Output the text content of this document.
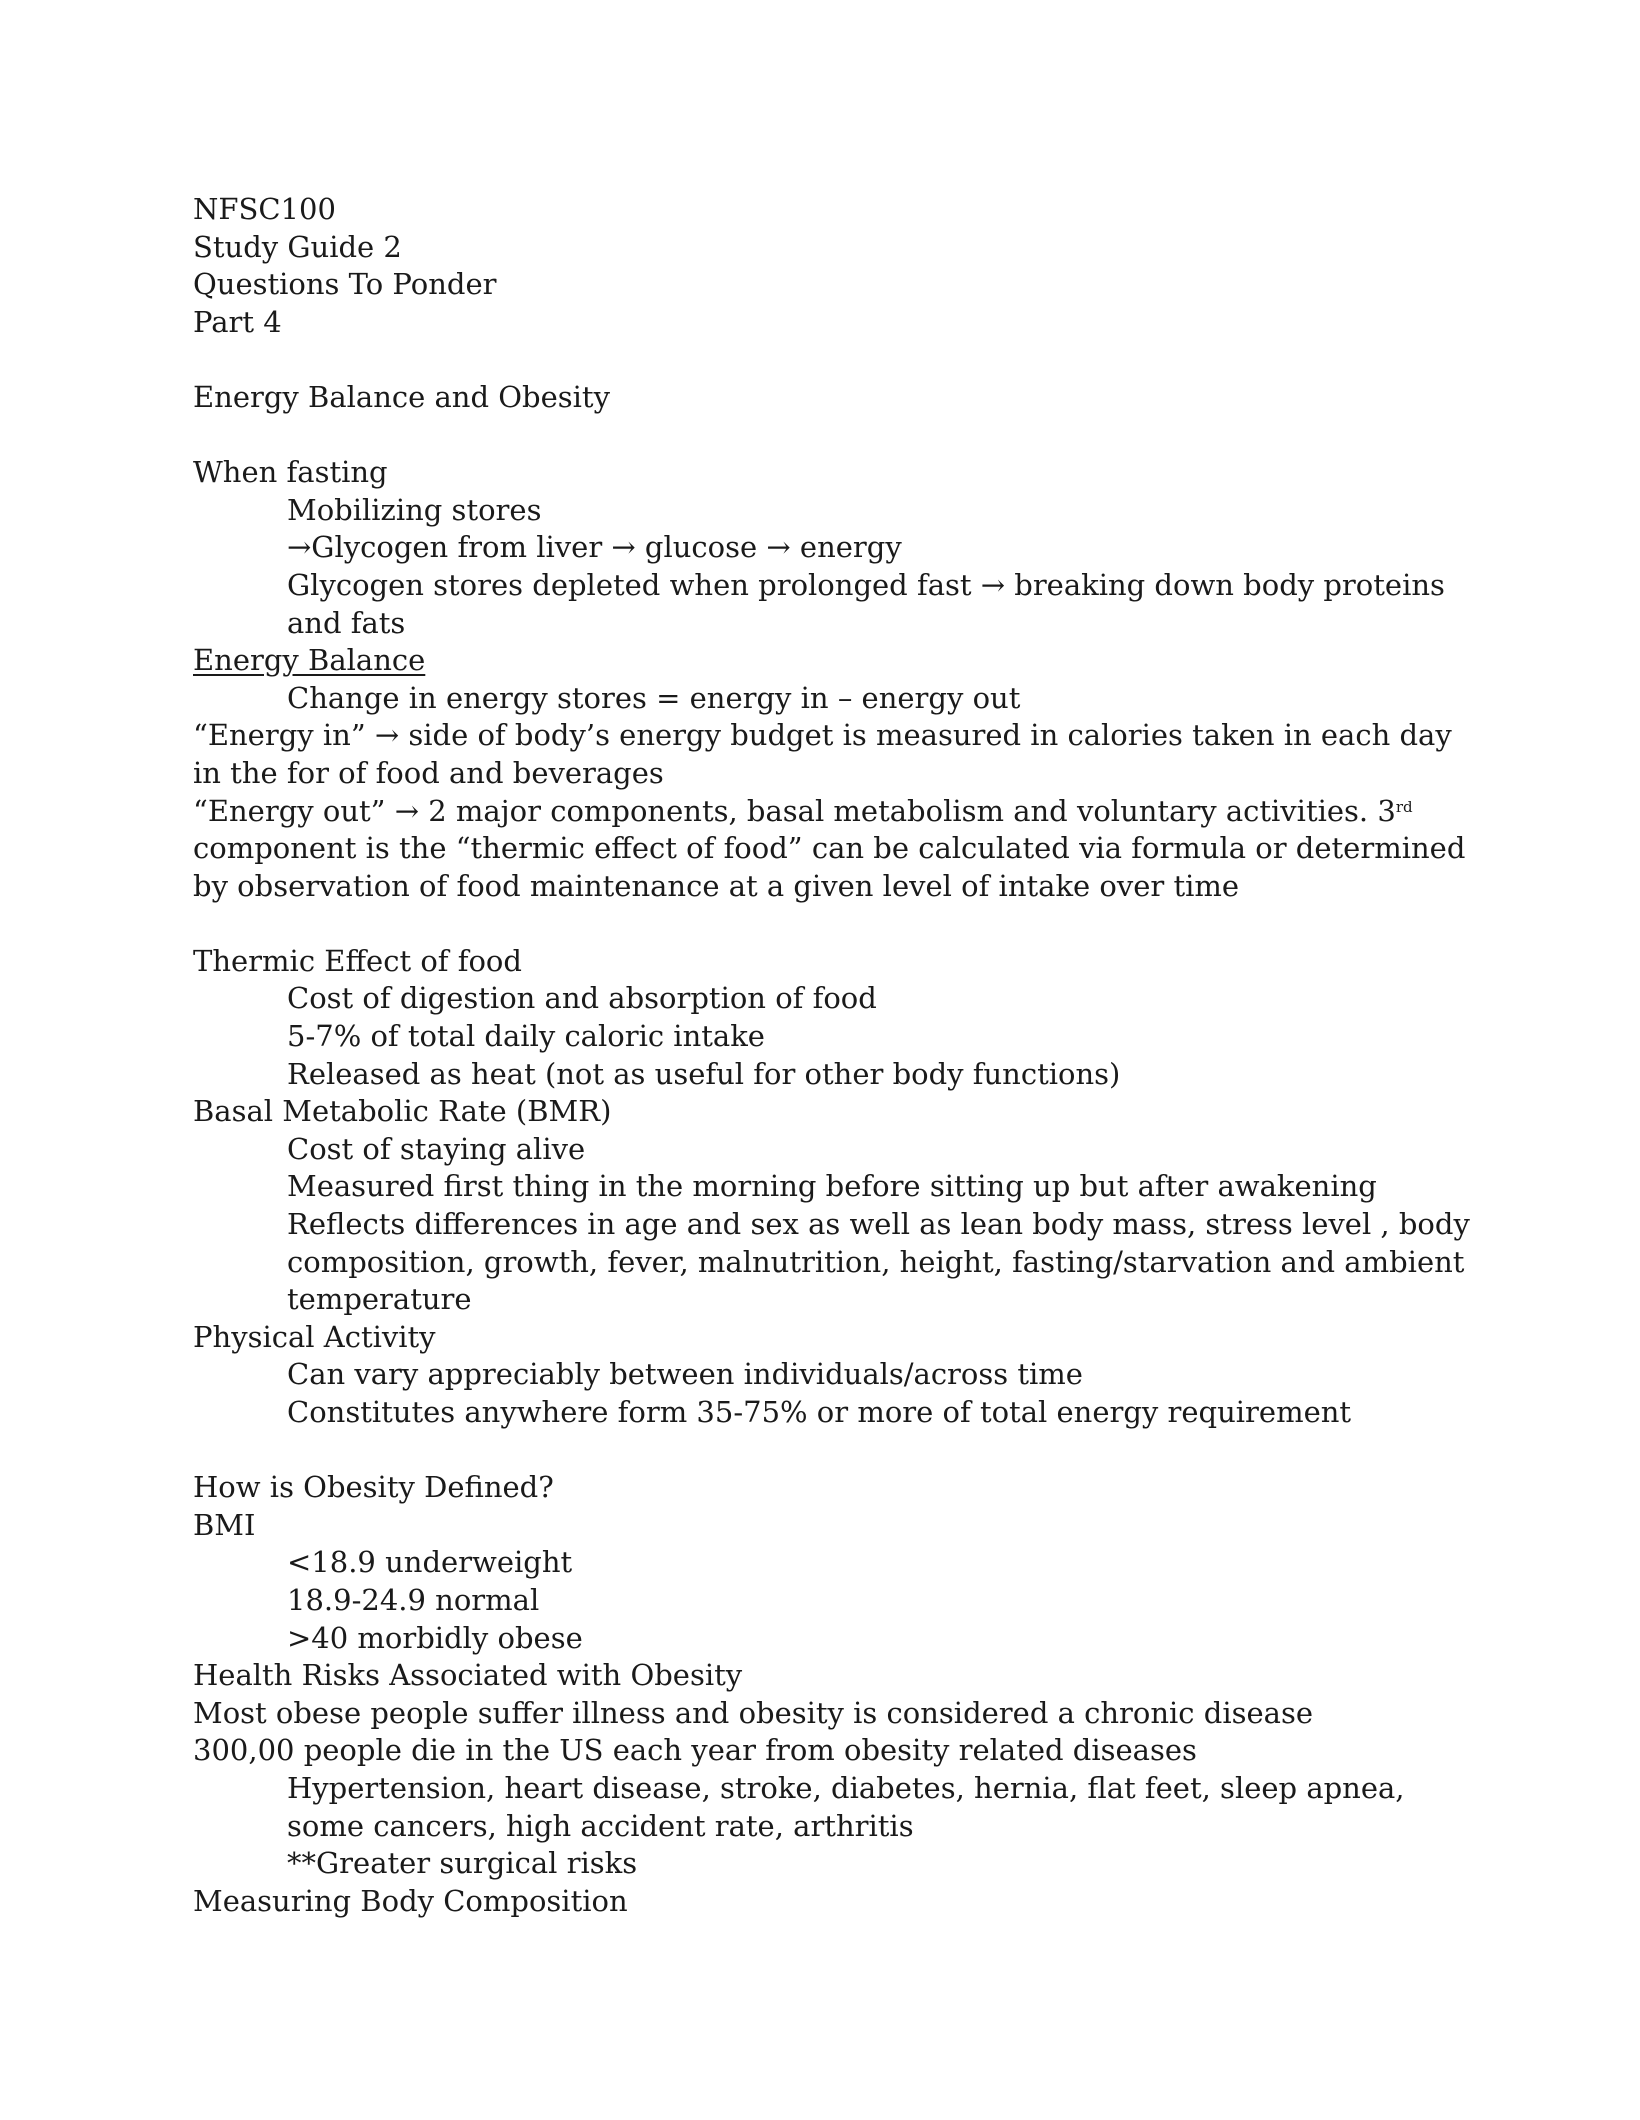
NFSC100
Study Guide 2
Questions To Ponder
Part 4
Energy Balance and Obesity
When fasting
Mobilizing stores
→Glycogen from liver → glucose → energy
Glycogen stores depleted when prolonged fast → breaking down body proteins and fats
Energy Balance
Change in energy stores = energy in – energy out
“Energy in” → side of body’s energy budget is measured in calories taken in each day in the for of food and beverages
“Energy out” → 2 major components, basal metabolism and voluntary activities. 3rd component is the “thermic effect of food” can be calculated via formula or determined by observation of food maintenance at a given level of intake over time
Thermic Effect of food
Cost of digestion and absorption of food
5-7% of total daily caloric intake
Released as heat (not as useful for other body functions)
Basal Metabolic Rate (BMR)
Cost of staying alive
Measured first thing in the morning before sitting up but after awakening
Reflects differences in age and sex as well as lean body mass, stress level , body composition, growth, fever, malnutrition, height, fasting/starvation and ambient temperature
Physical Activity
Can vary appreciably between individuals/across time
Constitutes anywhere form 35-75% or more of total energy requirement
How is Obesity Defined?
BMI
<18.9 underweight
18.9-24.9 normal
>40 morbidly obese
Health Risks Associated with Obesity
Most obese people suffer illness and obesity is considered a chronic disease
300,00 people die in the US each year from obesity related diseases
Hypertension, heart disease, stroke, diabetes, hernia, flat feet, sleep apnea, some cancers, high accident rate, arthritis
**Greater surgical risks
Measuring Body Composition
